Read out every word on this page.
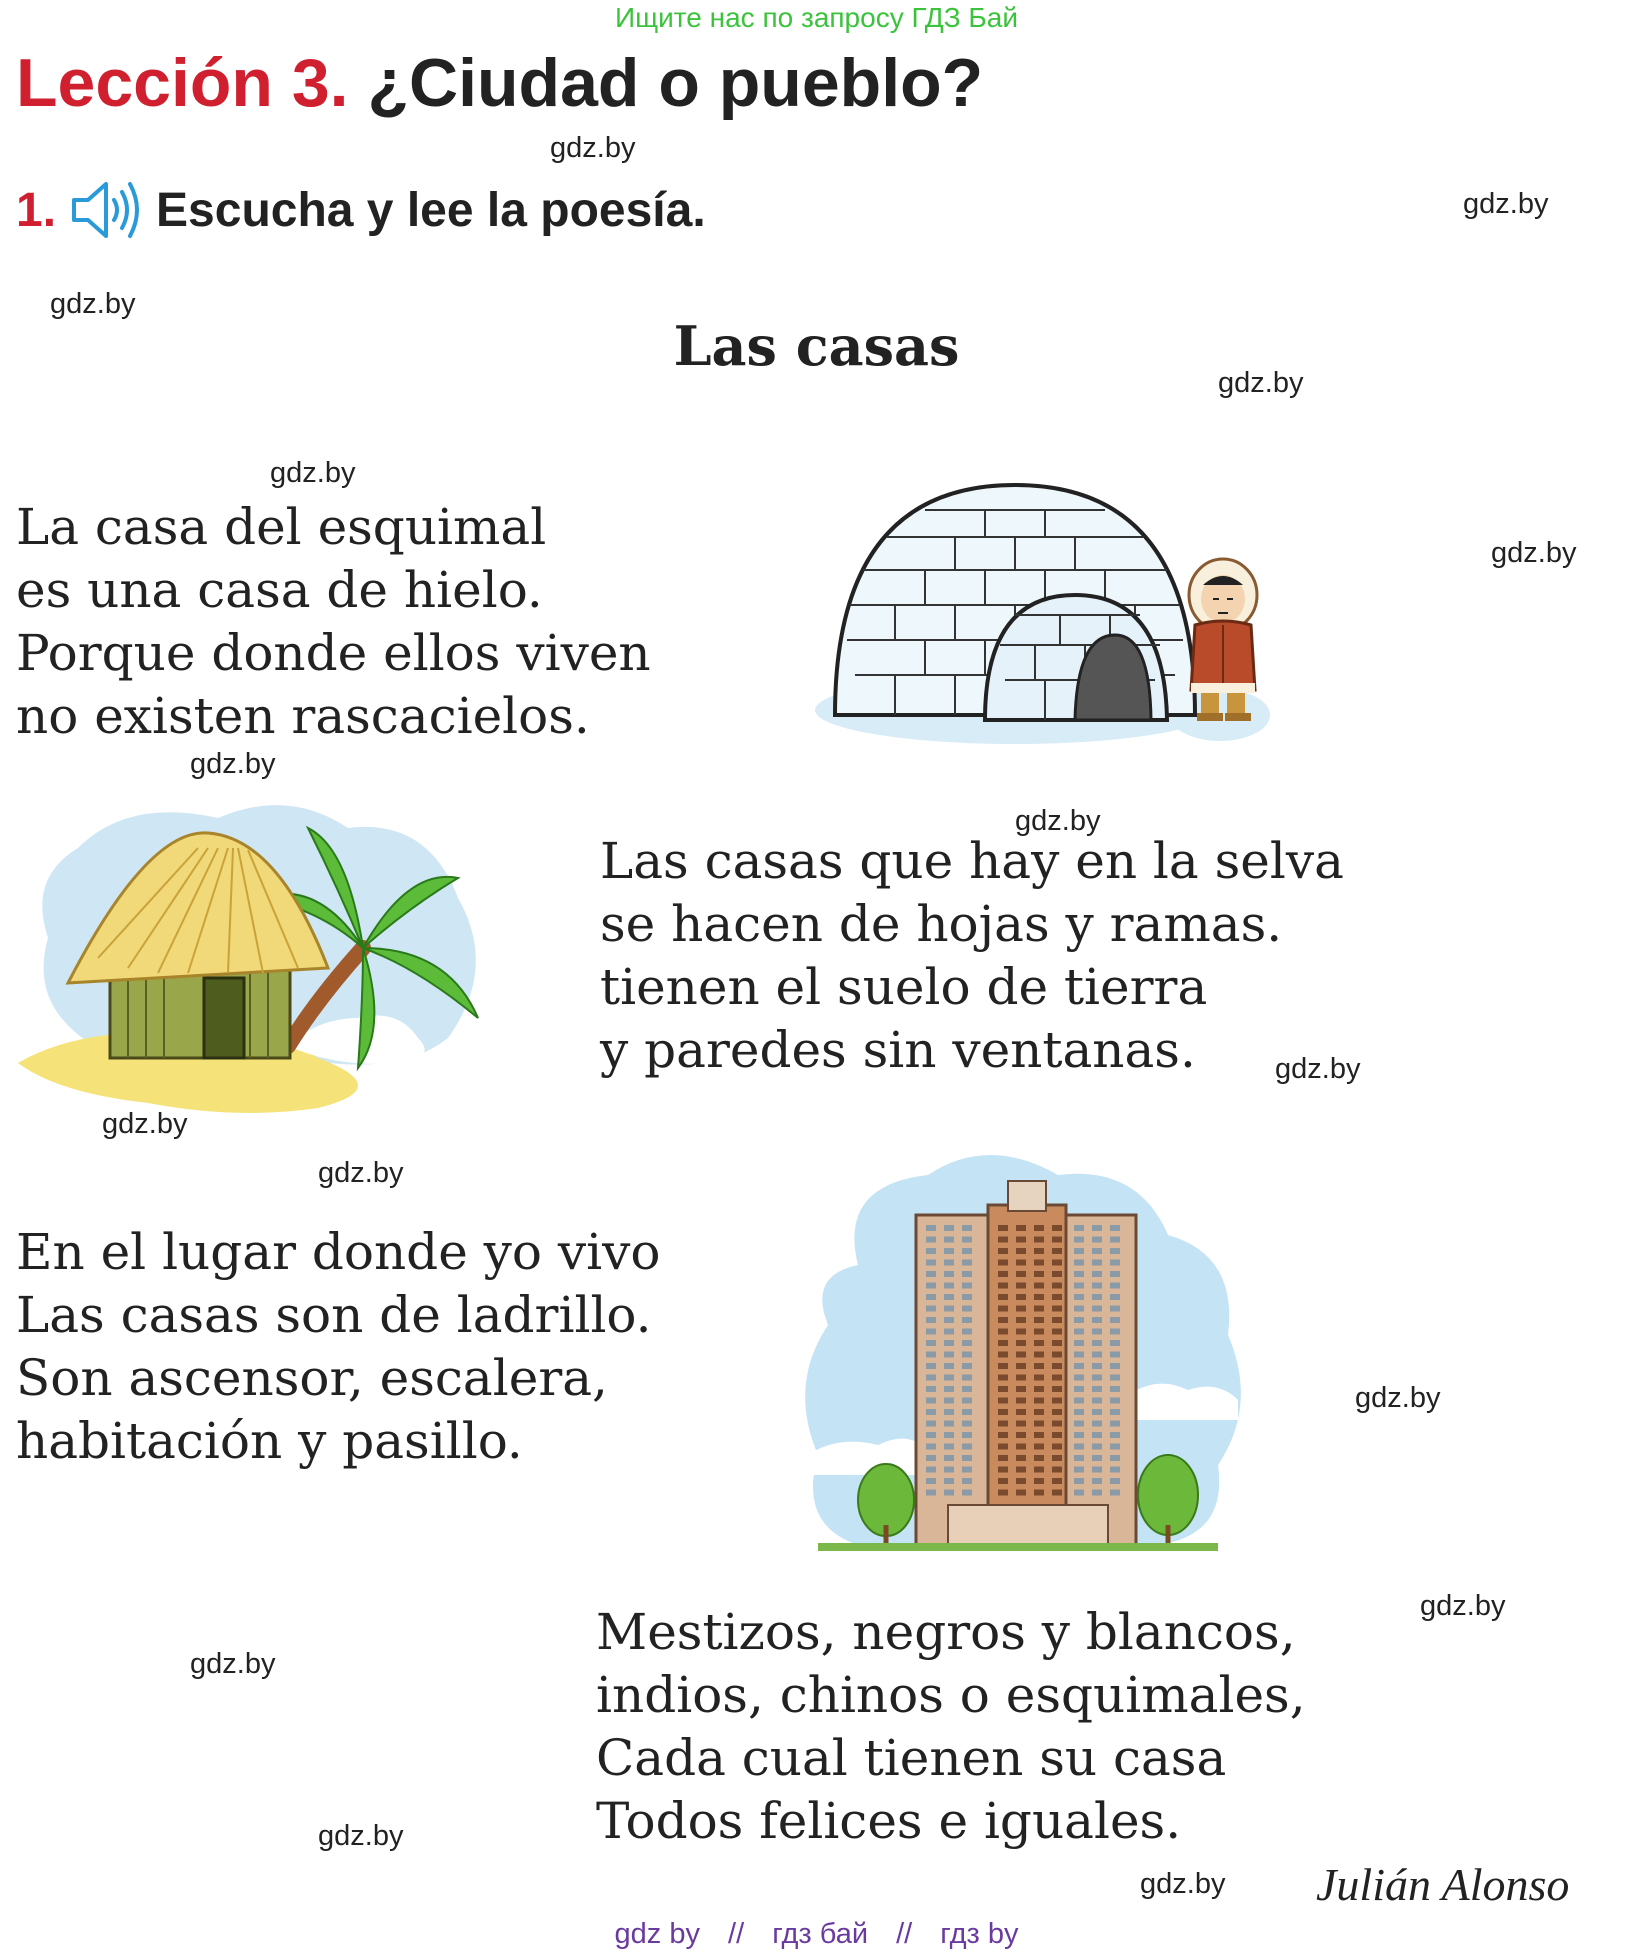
Ищите нас по запросу ГДЗ Бай
Lección 3. ¿Ciudad o pueblo?
1. Escucha y lee la poesía.
Las casas
La casa del esquimal
es una casa de hielo.
Porque donde ellos viven
no existen rascacielos.
Las casas que hay en la selva
se hacen de hojas y ramas.
tienen el suelo de tierra
y paredes sin ventanas.
En el lugar donde yo vivo
Las casas son de ladrillo.
Son ascensor, escalera,
habitación y pasillo.
Mestizos, negros y blancos,
indios, chinos o esquimales,
Cada cual tienen su casa
Todos felices e iguales.
Julián Alonso
gdz.by
gdz.by
gdz.by
gdz.by
gdz.by
gdz.by
gdz.by
gdz.by
gdz.by
gdz.by
gdz.by
gdz.by
gdz.by
gdz.by
gdz.by
gdz.by
gdz by // гдз бай // гдз by
